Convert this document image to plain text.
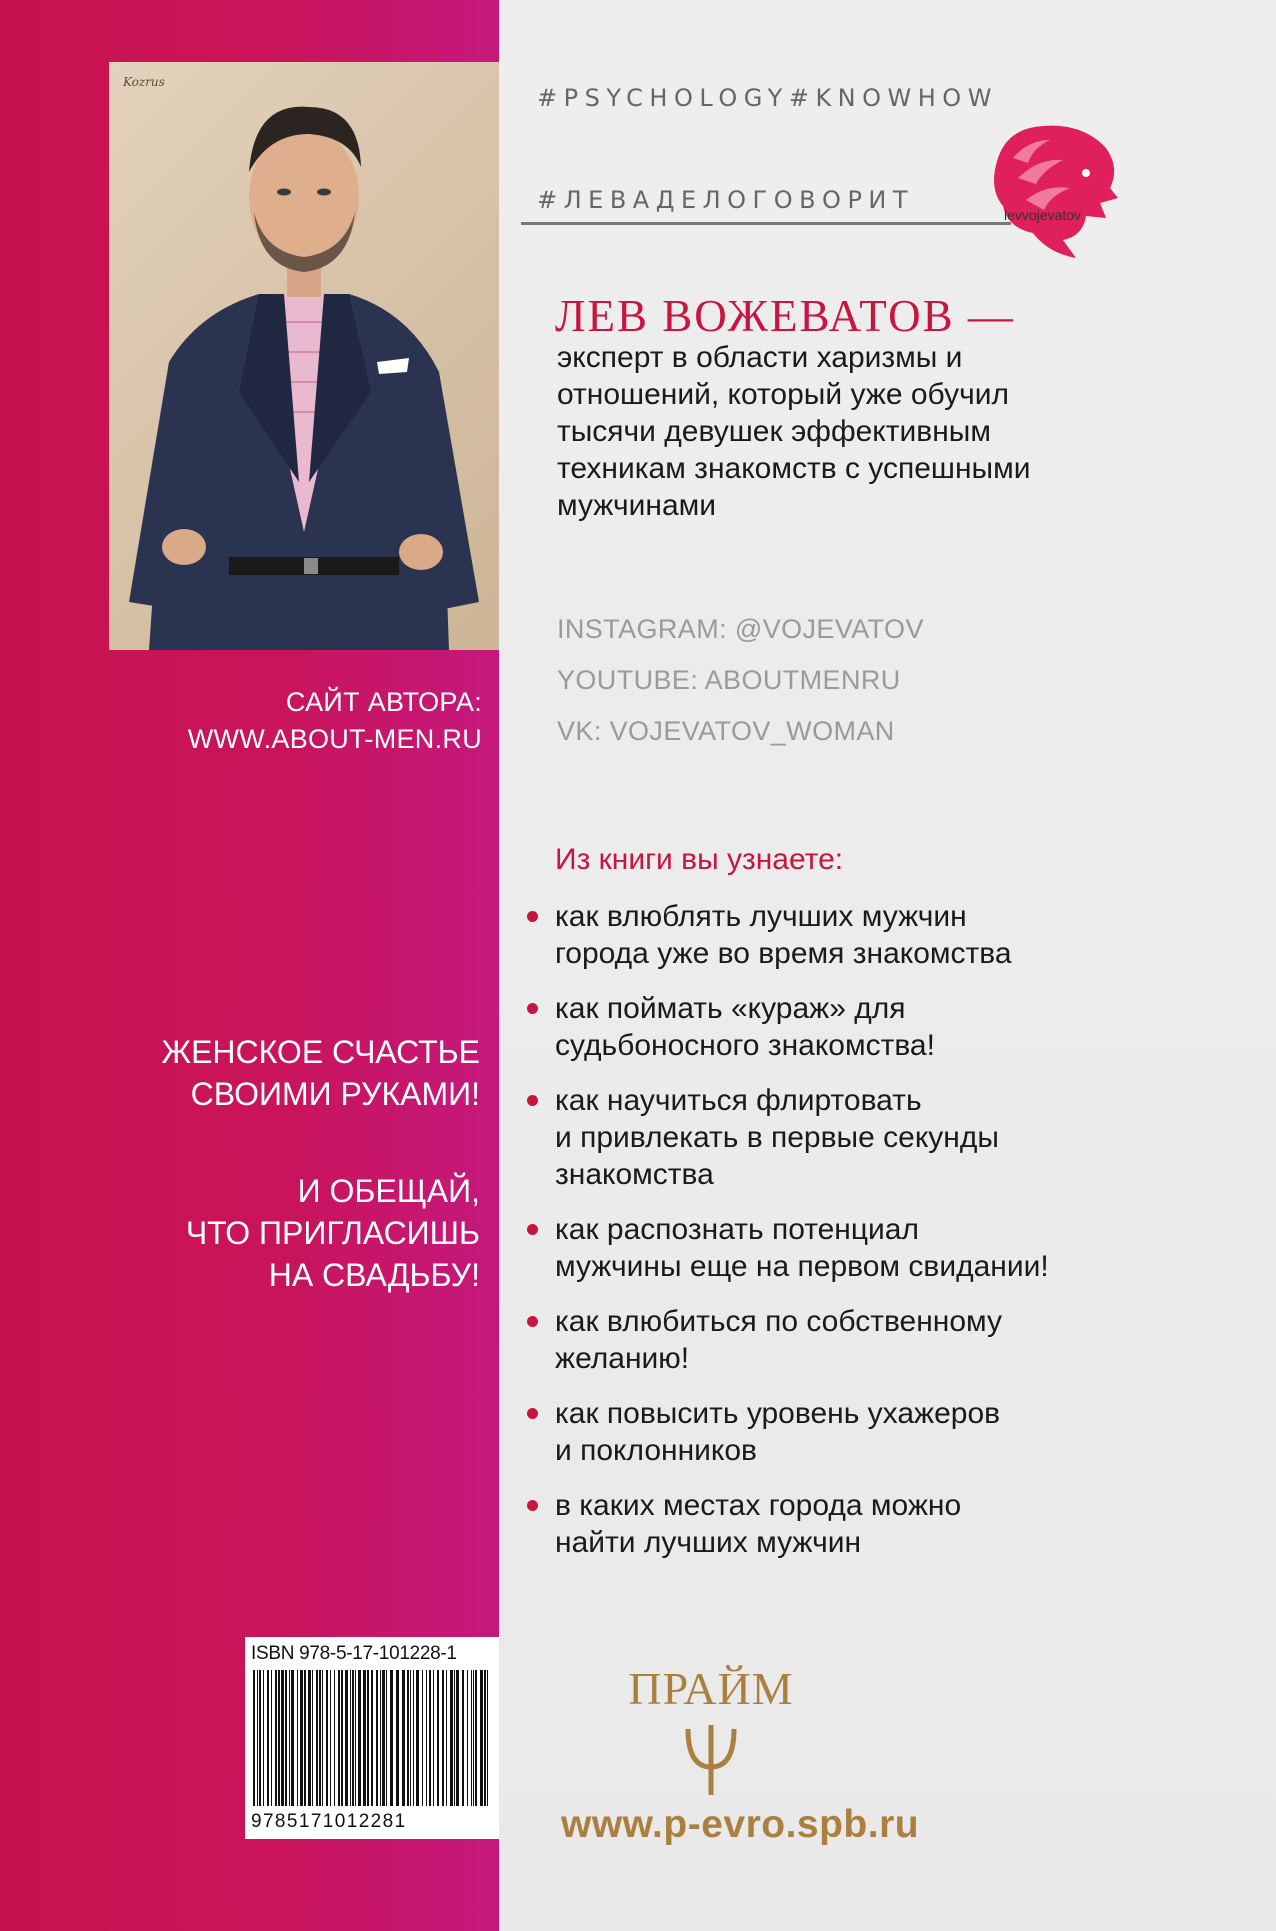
Kozrus
САЙТ АВТОРА:
WWW.ABOUT-MEN.RU
ЖЕНСКОЕ СЧАСТЬЕ
СВОИМИ РУКАМИ!
И ОБЕЩАЙ,
ЧТО ПРИГЛАСИШЬ
НА СВАДЬБУ!
ISBN 978-5-17-101228-1
9785171012281
#PSYCHOLOGY#KNOWHOW
#ЛЕВАДЕЛОГОВОРИТ
levvojevatov
ЛЕВ ВОЖЕВАТОВ —
эксперт в области харизмы и отношений, который уже обучил тысячи девушек эффективным техникам знакомств с успешными мужчинами
INSTAGRAM: @VOJEVATOV
YOUTUBE: ABOUTMENRU
VK: VOJEVATOV_WOMAN
Из книги вы узнаете:
как влюблять лучших мужчин
города уже во время знакомства
как поймать «кураж» для
судьбоносного знакомства!
как научиться флиртовать
и привлекать в первые секунды
знакомства
как распознать потенциал
мужчины еще на первом свидании!
как влюбиться по собственному
желанию!
как повысить уровень ухажеров
и поклонников
в каких местах города можно
найти лучших мужчин
ПРАЙМ
www.p-evro.spb.ru
